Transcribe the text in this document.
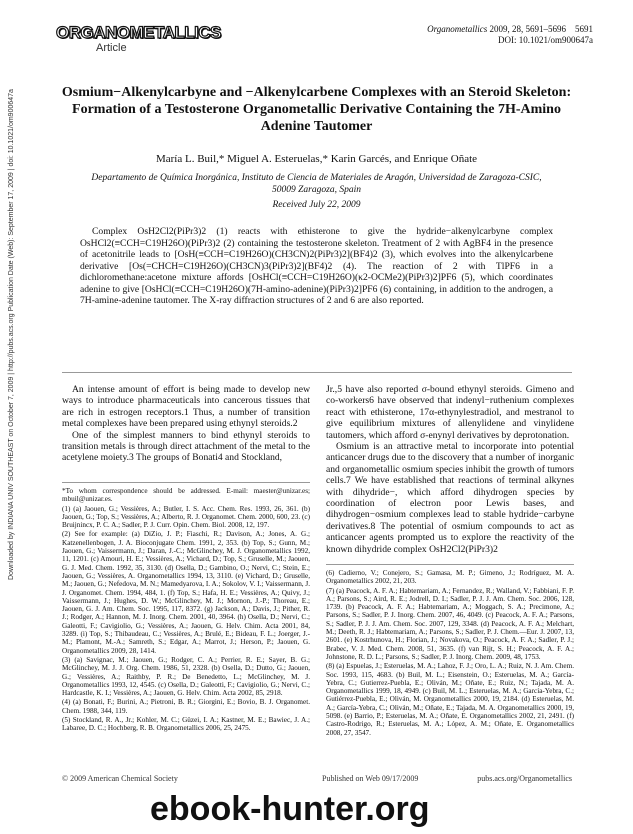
ORGANOMETALLICS
Article
Organometallics 2009, 28, 5691–5696 5691
DOI: 10.1021/om900647a
Osmium−Alkenylcarbyne and −Alkenylcarbene Complexes with an Steroid Skeleton: Formation of a Testosterone Organometallic Derivative Containing the 7H-Amino Adenine Tautomer
María L. Buil,* Miguel A. Esteruelas,* Karin Garcés, and Enrique Oñate
Departamento de Química Inorgánica, Instituto de Ciencia de Materiales de Aragón, Universidad de Zaragoza-CSIC, 50009 Zaragoza, Spain
Received July 22, 2009
Complex OsH2Cl2(PiPr3)2 (1) reacts with ethisterone to give the hydride−alkenylcarbyne complex OsHCl2(≡CCH=C19H26O)(PiPr3)2 (2) containing the testosterone skeleton. Treatment of 2 with AgBF4 in the presence of acetonitrile leads to [OsH(≡CCH=C19H26O)(CH3CN)2(PiPr3)2](BF4)2 (3), which evolves into the alkenylcarbene derivative [Os(=CHCH=C19H26O)(CH3CN)3(PiPr3)2](BF4)2 (4). The reaction of 2 with TlPF6 in a dichloromethane:acetone mixture affords [OsHCl(≡CCH=C19H26O)(κ2-OCMe2)(PiPr3)2]PF6 (5), which coordinates adenine to give [OsHCl(≡CCH=C19H26O)(7H-amino-adenine)(PiPr3)2]PF6 (6) containing, in addition to the androgen, a 7H-amine-adenine tautomer. The X-ray diffraction structures of 2 and 6 are also reported.

An intense amount of effort is being made to develop new ways to introduce pharmaceuticals into cancerous tissues that are rich in estrogen receptors.1 Thus, a number of transition metal complexes have been prepared using ethynyl steroids.2

One of the simplest manners to bind ethynyl steroids to transition metals is through direct attachment of the metal to the acetylene moiety.3 The groups of Bonati4 and Stockland,

Jr.,5 have also reported σ-bound ethynyl steroids. Gimeno and co-workers6 have observed that indenyl−ruthenium complexes react with ethisterone, 17α-ethynylestradiol, and mestranol to give equilibrium mixtures of allenylidene and vinylidene tautomers, which afford σ-enynyl derivatives by deprotonation.

Osmium is an attractive metal to incorporate into potential anticancer drugs due to the discovery that a number of inorganic and organometallic osmium species inhibit the growth of tumors cells.7 We have established that reactions of terminal alkynes with dihydride−, which afford dihydrogen species by coordination of electron poor Lewis bases, and dihydrogen−osmium complexes lead to stable hydride−carbyne derivatives.8 The potential of osmium compounds to act as anticancer agents prompted us to explore the reactivity of the known dihydride complex OsH2Cl2(PiPr3)2

*To whom correspondence should be addressed. E-mail: maester@unizar.es; mbuil@unizar.es.

(1) (a) Jaouen, G.; Vessières, A.; Butler, I. S. Acc. Chem. Res. 1993, 26, 361. (b) Jaouen, G.; Top, S.; Vessières, A.; Alberto, R. J. Organomet. Chem. 2000, 600, 23. (c) Bruijnincx, P. C. A.; Sadler, P. J. Curr. Opin. Chem. Biol. 2008, 12, 197.

(2) See for example: (a) DiZio, J. P.; Fiaschi, R.; Davison, A.; Jones, A. G.; Katzenellenbogen, J. A. Bioconjugate Chem. 1991, 2, 353. (b) Top, S.; Gunn, M.; Jaouen, G.; Vaissermann, J.; Daran, J.-C.; McGlinchey, M. J. Organometallics 1992, 11, 1201. (c) Amouri, H. E.; Vessières, A.; Vichard, D.; Top, S.; Gruselle, M.; Jaouen, G. J. Med. Chem. 1992, 35, 3130. (d) Osella, D.; Gambino, O.; Nervi, C.; Stein, E.; Jaouen, G.; Vessières, A. Organometallics 1994, 13, 3110. (e) Vichard, D.; Gruselle, M.; Jaouen, G.; Nefedova, M. N.; Mamedyarova, I. A.; Sokolov, V. I.; Vaissermann, J. J. Organomet. Chem. 1994, 484, 1. (f) Top, S.; Hafa, H. E.; Vessières, A.; Quivy, J.; Vaissermann, J.; Hughes, D. W.; McGlinchey, M. J.; Mornon, J.-P.; Thoreau, E.; Jaouen, G. J. Am. Chem. Soc. 1995, 117, 8372. (g) Jackson, A.; Davis, J.; Pither, R. J.; Rodger, A.; Hannon, M. J. Inorg. Chem. 2001, 40, 3964. (h) Osella, D.; Nervi, C.; Galeotti, F.; Cavigiolio, G.; Vessières, A.; Jaouen, G. Helv. Chim. Acta 2001, 84, 3289. (i) Top, S.; Thibaudeau, C.; Vessières, A.; Brulé, E.; Bideau, F. L.; Joerger, J.-M.; Plamont, M.-A.; Samreth, S.; Edgar, A.; Marrot, J.; Herson, P.; Jaouen, G. Organometallics 2009, 28, 1414.

(3) (a) Savignac, M.; Jaouen, G.; Rodger, C. A.; Perrier, R. E.; Sayer, B. G.; McGlinchey, M. J. J. Org. Chem. 1986, 51, 2328. (b) Osella, D.; Dutto, G.; Jaouen, G.; Vessières, A.; Raithby, P. R.; De Benedetto, L.; McGlinchey, M. J. Organometallics 1993, 12, 4545. (c) Osella, D.; Galeotti, F.; Cavigiolio, G.; Nervi, C.; Hardcastle, K. I.; Vessières, A.; Jaouen, G. Helv. Chim. Acta 2002, 85, 2918.

(4) (a) Bonati, F.; Burini, A.; Pietroni, B. R.; Giorgini, E.; Bovio, B. J. Organomet. Chem. 1988, 344, 119.

(5) Stockland, R. A., Jr.; Kohler, M. C.; Güzei, I. A.; Kastner, M. E.; Bawiec, J. A.; Labaree, D. C.; Hochberg, R. B. Organometallics 2006, 25, 2475.

(6) Cadierno, V.; Conejero, S.; Gamasa, M. P.; Gimeno, J.; Rodríguez, M. A. Organometallics 2002, 21, 203.

(7) (a) Peacock, A. F. A.; Habtemariam, A.; Fernandez, R.; Walland, V.; Fabbiani, F. P. A.; Parsons, S.; Aird, R. E.; Jodrell, D. I.; Sadler, P. J. J. Am. Chem. Soc. 2006, 128, 1739. (b) Peacock, A. F. A.; Habtemariam, A.; Moggach, S. A.; Precimone, A.; Parsons, S.; Sadler, P. J. Inorg. Chem. 2007, 46, 4049. (c) Peacock, A. F. A.; Parsons, S.; Sadler, P. J. J. Am. Chem. Soc. 2007, 129, 3348. (d) Peacock, A. F. A.; Melchart, M.; Deeth, R. J.; Habtemariam, A.; Parsons, S.; Sadler, P. J. Chem.—Eur. J. 2007, 13, 2601. (e) Kostrhunova, H.; Florian, J.; Novakova, O.; Peacock, A. F. A.; Sadler, P. J.; Brabec, V. J. Med. Chem. 2008, 51, 3635. (f) van Rijt, S. H.; Peacock, A. F. A.; Johnstone, R. D. L.; Parsons, S.; Sadler, P. J. Inorg. Chem. 2009, 48, 1753.

(8) (a) Espuelas, J.; Esteruelas, M. A.; Lahoz, F. J.; Oro, L. A.; Ruiz, N. J. Am. Chem. Soc. 1993, 115, 4683. (b) Buil, M. L.; Eisenstein, O.; Esteruelas, M. A.; García-Yebra, C.; Gutierrez-Puebla, E.; Oliván, M.; Oñate, E.; Ruiz, N.; Tajada, M. A. Organometallics 1999, 18, 4949. (c) Buil, M. L.; Esteruelas, M. A.; García-Yebra, C.; Gutiérrez-Puebla, E.; Oliván, M. Organometallics 2000, 19, 2184. (d) Esteruelas, M. A.; García-Yebra, C.; Oliván, M.; Oñate, E.; Tajada, M. A. Organometallics 2000, 19, 5098. (e) Barrio, P.; Esteruelas, M. A.; Oñate, E. Organometallics 2002, 21, 2491. (f) Castro-Rodrigo, R.; Esteruelas, M. A.; López, A. M.; Oñate, E. Organometallics 2008, 27, 3547.

Downloaded by INDIANA UNIV SOUTHEAST on October 7, 2009 | http://pubs.acs.org Publication Date (Web): September 17, 2009 | doi: 10.1021/om900647a
© 2009 American Chemical Society	Published on Web 09/17/2009	pubs.acs.org/Organometallics
ebook-hunter.org
